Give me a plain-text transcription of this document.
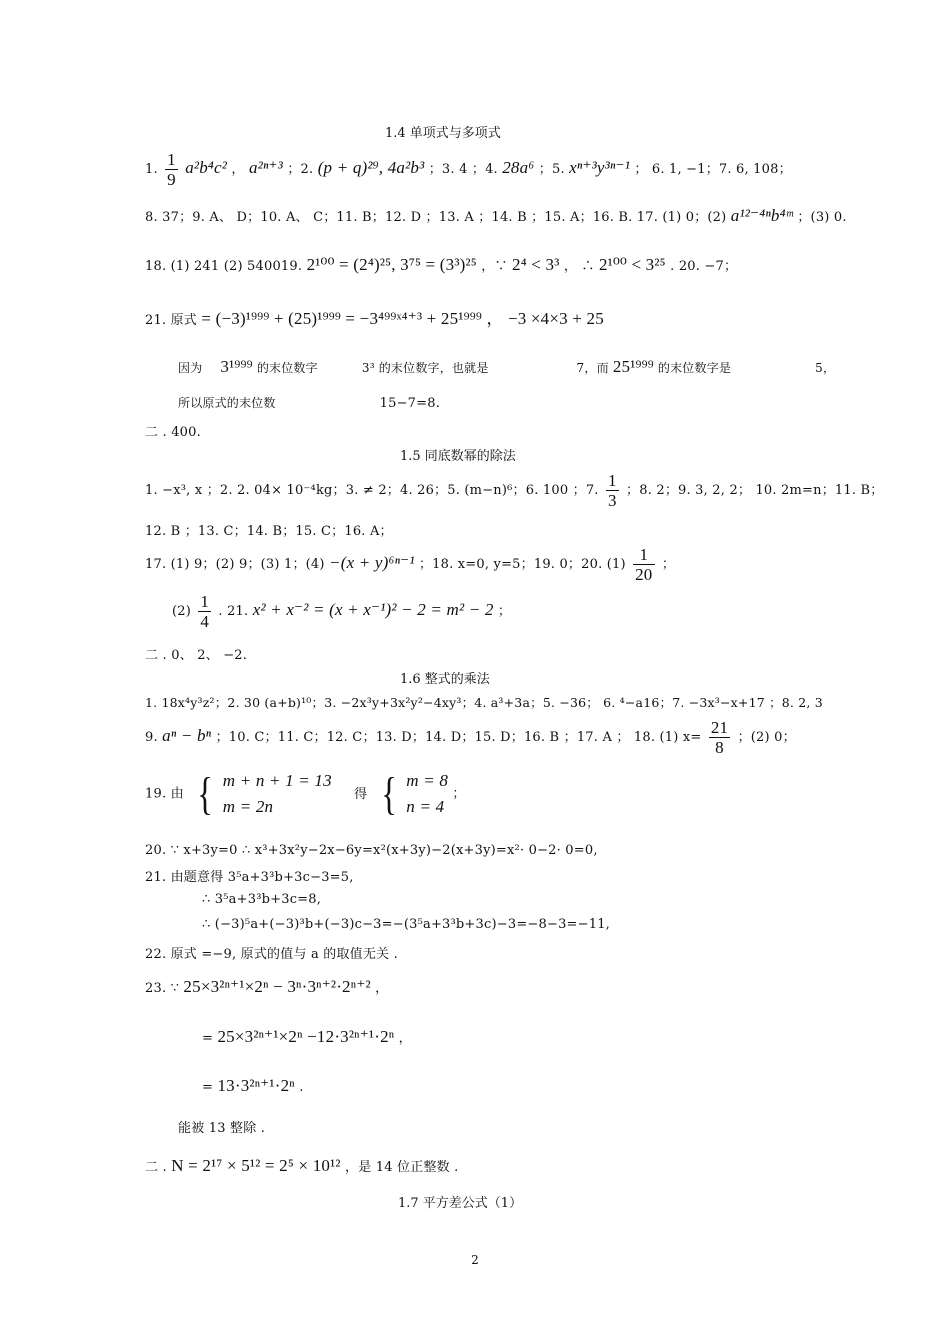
1.4 单项式与多项式
1. $\frac{1}{9} a^2b^4c^2$ ， a²ⁿ⁺³ ；2. (p + q)²⁹, 4a²b³ ；3. 4 ；4. 28a⁶ ；5. xⁿ⁺³y³ⁿ⁻¹ ； 6. 1, −1；7. 6, 108；
8. 37；9. A、 D；10. A、 C；11. B；12. D ；13. A ；14. B ；15. A；16. B. 17. (1) 0；(2) a¹²⁻⁴ⁿb⁴ᵐ ；(3) 0.
18. (1) 241 (2) 540019. 2¹⁰⁰ = (2⁴)²⁵, 3⁷⁵ = (3³)²⁵ ，∵ 2⁴ < 3³ ， ∴ 2¹⁰⁰ < 3²⁵ . 20. −7；
21. 原式 = (−3)¹⁹⁹⁹ + (25)¹⁹⁹⁹ = −3⁴⁹⁹ˣ⁴⁺³ + 25¹⁹⁹⁹ ， −3 ×4×3 + 25
因为 3¹⁹⁹⁹ 的末位数字	3³ 的末位数字，也就是	7，而 25¹⁹⁹⁹ 的末位数字是	5，
所以原式的末位数	15−7=8.
二 . 400.
1.5 同底数幂的除法
1. −x³, x ；2. 2. 04× 10⁻⁴kg；3. ≠ 2；4. 26；5. (m−n)⁶；6. 100 ；7. $\frac{1}{3}$ ；8. 2；9. 3, 2, 2； 10. 2m=n；11. B；
12. B ；13. C；14. B；15. C；16. A；
17. (1) 9；(2) 9；(3) 1；(4) −(x + y)⁶ⁿ⁻¹ ；18. x=0, y=5；19. 0；20. $(1) \frac{1}{20}$ ；
$(2) \frac{1}{4}$ . 21. x² + x⁻² = (x + x⁻¹)² − 2 = m² − 2 ；
二 . 0、 2、 −2.
1.6 整式的乘法
1. 18x⁴y³z²；2. 30 (a+b)¹⁰；3. −2x³y+3x²y²−4xy³；4. a³+3a；5. −36； 6. ⁴−a16；7. −3x³−x+17 ；8. 2, 3
9. aⁿ − bⁿ ；10. C；11. C；12. C；13. D；14. D；15. D；16. B ；17. A ； 18. (1) $x= \frac{21}{8}$ ；(2) 0；
19. 由 { m + n + 1 = 13
m = 2n
得 { m = 8
n = 4
；
20. ∵ x+3y=0 ∴ x³+3x²y−2x−6y=x²(x+3y)−2(x+3y)=x²· 0−2· 0=0,
21. 由题意得 3⁵a+3³b+3c−3=5,
∴ 3⁵a+3³b+3c=8,
∴ (−3)⁵a+(−3)³b+(−3)c−3=−(3⁵a+3³b+3c)−3=−8−3=−11,
22. 原式 =−9, 原式的值与 a 的取值无关 .
23. ∵ 25×3²ⁿ⁺¹×2ⁿ − 3ⁿ·3ⁿ⁺²·2ⁿ⁺² ，
= 25×3²ⁿ⁺¹×2ⁿ −12·3²ⁿ⁺¹·2ⁿ ，
= 13·3²ⁿ⁺¹·2ⁿ .
能被 13 整除 .
二 . N = 2¹⁷ × 5¹² = 2⁵ × 10¹² ，是 14 位正整数 .
1.7 平方差公式（1）
2
